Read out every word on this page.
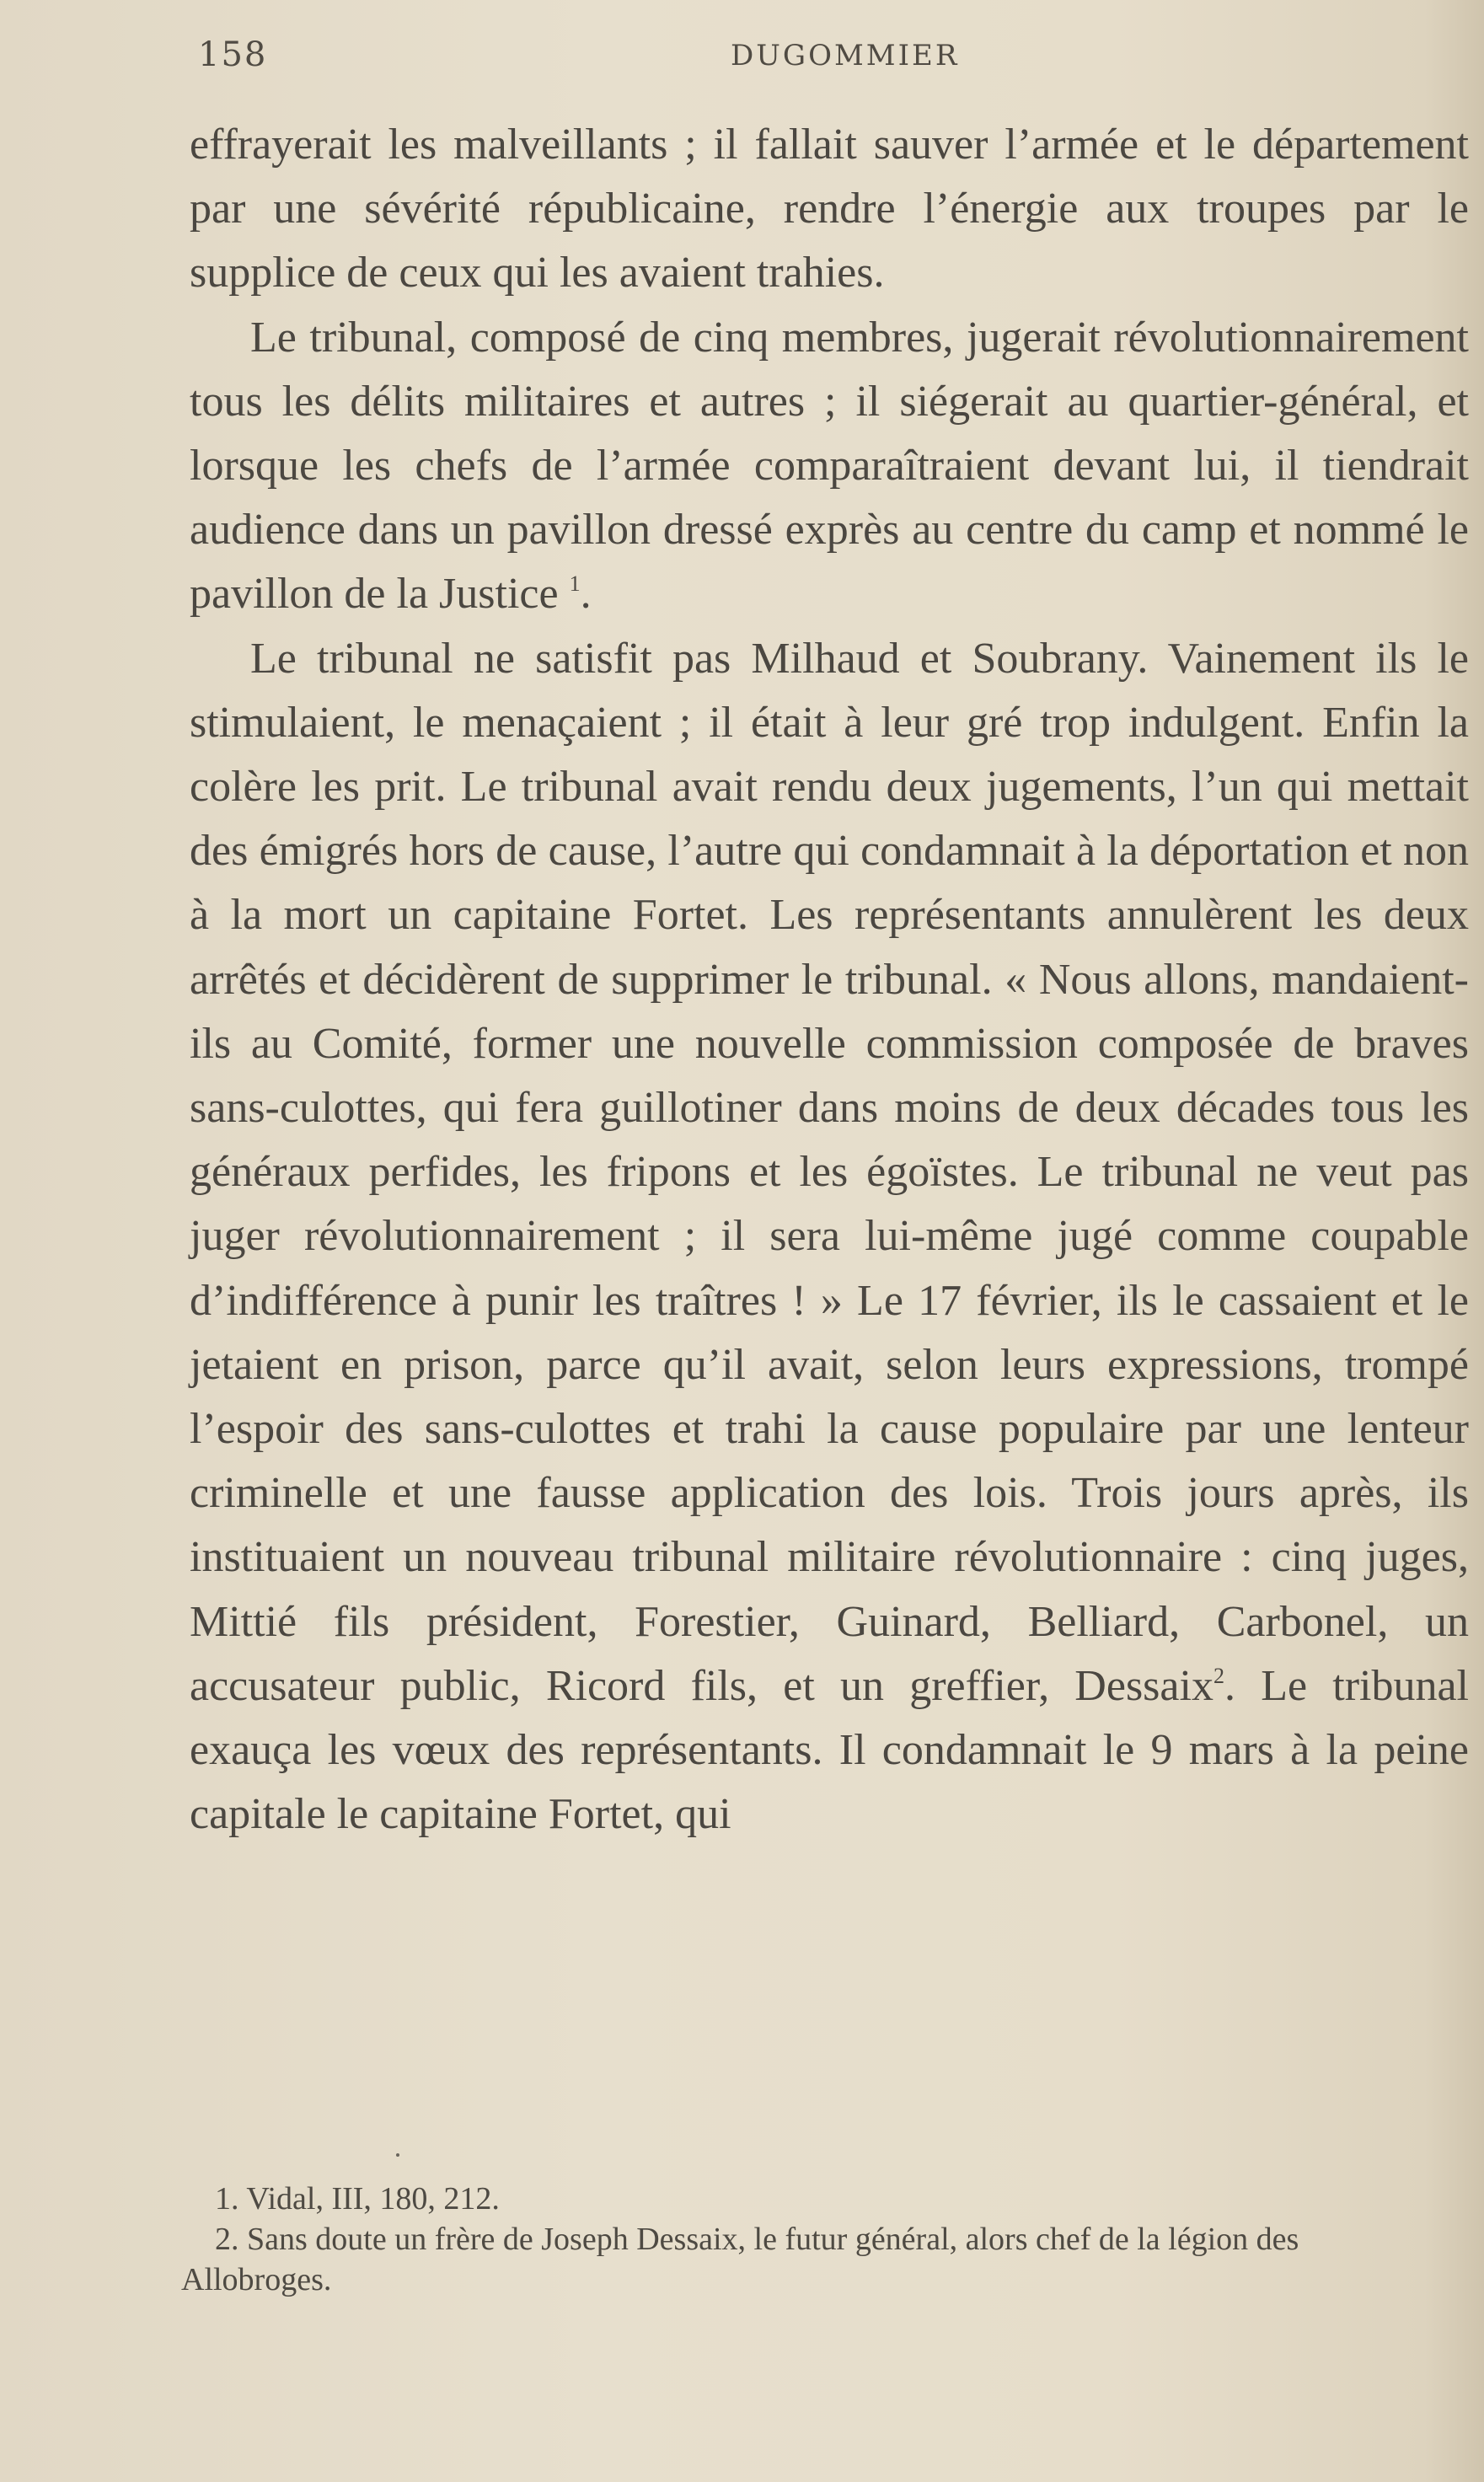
158	DUGOMMIER

effrayerait les malveillants ; il fallait sauver l’armée et le département par une sévérité républicaine, rendre l’énergie aux troupes par le supplice de ceux qui les avaient trahies.

Le tribunal, composé de cinq membres, jugerait révolutionnairement tous les délits militaires et autres ; il siégerait au quartier-général, et lorsque les chefs de l’armée comparaîtraient devant lui, il tiendrait audience dans un pavillon dressé exprès au centre du camp et nommé le pavillon de la Justice $^1$.

Le tribunal ne satisfit pas Milhaud et Soubrany. Vainement ils le stimulaient, le menaçaient ; il était à leur gré trop indulgent. Enfin la colère les prit. Le tribunal avait rendu deux jugements, l’un qui mettait des émigrés hors de cause, l’autre qui condamnait à la déportation et non à la mort un capitaine Fortet. Les représentants annulèrent les deux arrêtés et décidèrent de supprimer le tribunal. « Nous allons, mandaient-ils au Comité, former une nouvelle commission composée de braves sans-culottes, qui fera guillotiner dans moins de deux décades tous les généraux perfides, les fripons et les égoïstes. Le tribunal ne veut pas juger révolutionnairement ; il sera lui-même jugé comme coupable d’indifférence à punir les traîtres ! » Le 17 février, ils le cassaient et le jetaient en prison, parce qu’il avait, selon leurs expressions, trompé l’espoir des sans-culottes et trahi la cause populaire par une lenteur criminelle et une fausse application des lois. Trois jours après, ils instituaient un nouveau tribunal militaire révolutionnaire : cinq juges, Mittié fils président, Forestier, Guinard, Belliard, Carbonel, un accusateur public, Ricord fils, et un greffier, Dessaix$^2$. Le tribunal exauça les vœux des représentants. Il condamnait le 9 mars à la peine capitale le capitaine Fortet, qui

1. Vidal, III, 180, 212.

2. Sans doute un frère de Joseph Dessaix, le futur général, alors chef de la légion des Allobroges.
